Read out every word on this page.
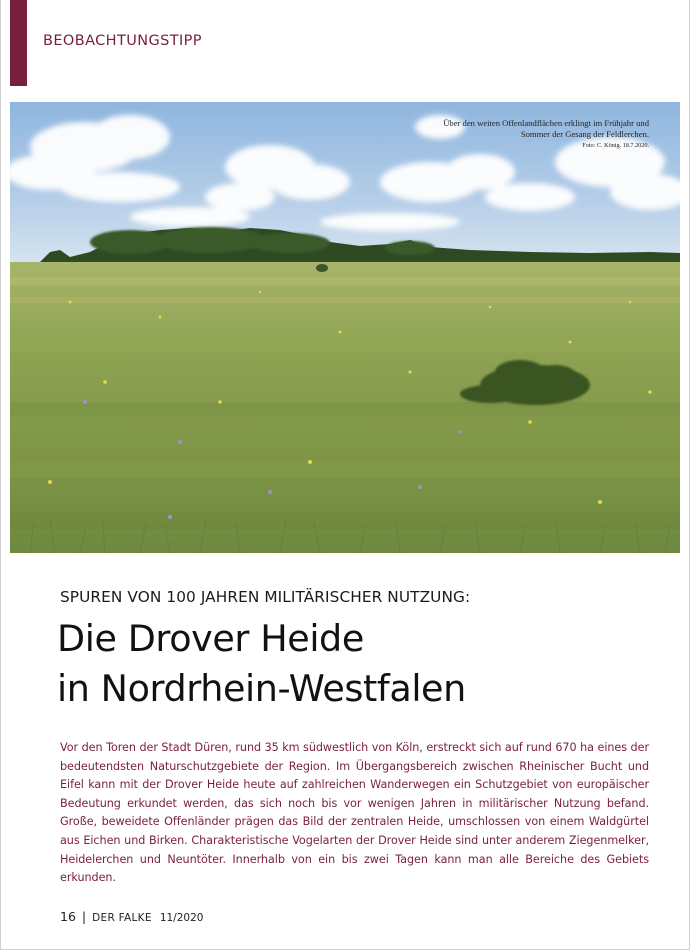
BEOBACHTUNGSTIPP
Über den weiten Offenlandflächen erklingt im Frühjahr und Sommer der Gesang der Feldlerchen.
Foto: C. König. 18.7.2020.
SPUREN VON 100 JAHREN MILITÄRISCHER NUTZUNG:
Die Drover Heide
in Nordrhein-Westfalen

Vor den Toren der Stadt Düren, rund 35 km südwestlich von Köln, erstreckt sich auf rund 670 ha eines der bedeutendsten Naturschutzgebiete der Region. Im Übergangsbereich zwischen Rheinischer Bucht und Eifel kann mit der Drover Heide heute auf zahlreichen Wanderwegen ein Schutzgebiet von europäischer Bedeutung erkundet werden, das sich noch bis vor wenigen Jahren in militärischer Nutzung befand. Große, beweidete Offenländer prägen das Bild der zentralen Heide, umschlossen von einem Waldgürtel aus Eichen und Birken. Charakteristische Vogelarten der Drover Heide sind unter anderem Ziegenmelker, Heidelerchen und Neuntöter. Innerhalb von ein bis zwei Tagen kann man alle Bereiche des Gebiets erkunden.

16 | DER FALKE 11/2020
